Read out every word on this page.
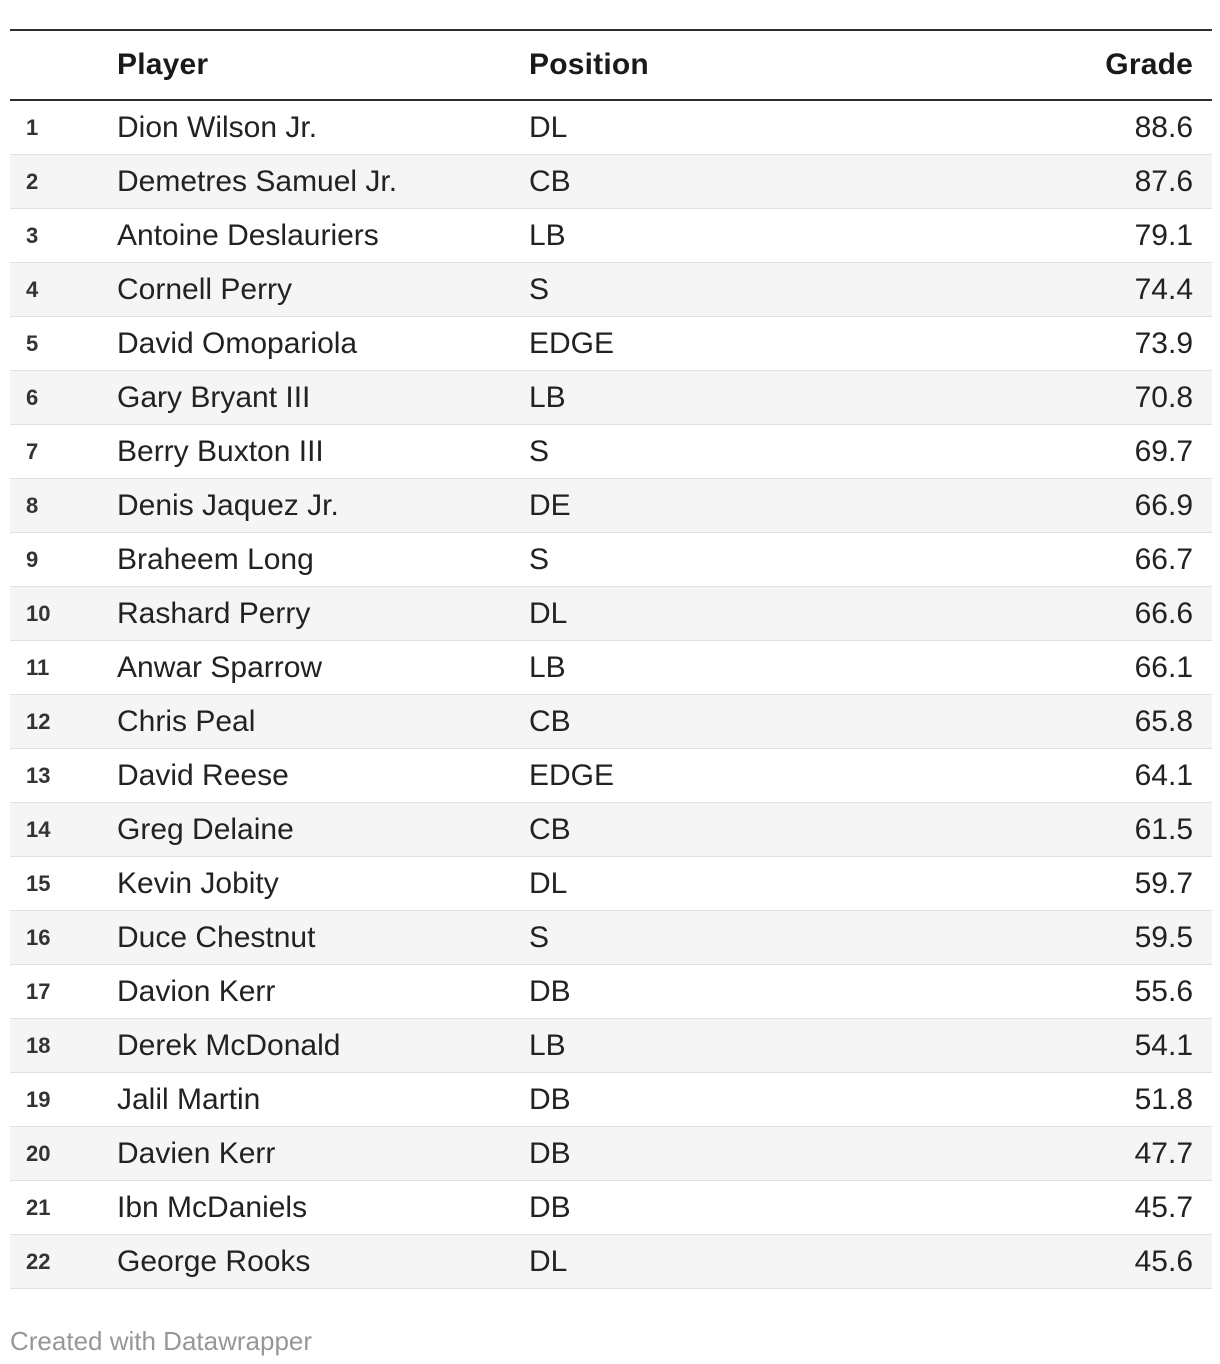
	Player	Position	Grade
1	Dion Wilson Jr.	DL	88.6
2	Demetres Samuel Jr.	CB	87.6
3	Antoine Deslauriers	LB	79.1
4	Cornell Perry	S	74.4
5	David Omopariola	EDGE	73.9
6	Gary Bryant III	LB	70.8
7	Berry Buxton III	S	69.7
8	Denis Jaquez Jr.	DE	66.9
9	Braheem Long	S	66.7
10	Rashard Perry	DL	66.6
11	Anwar Sparrow	LB	66.1
12	Chris Peal	CB	65.8
13	David Reese	EDGE	64.1
14	Greg Delaine	CB	61.5
15	Kevin Jobity	DL	59.7
16	Duce Chestnut	S	59.5
17	Davion Kerr	DB	55.6
18	Derek McDonald	LB	54.1
19	Jalil Martin	DB	51.8
20	Davien Kerr	DB	47.7
21	Ibn McDaniels	DB	45.7
22	George Rooks	DL	45.6
Created with Datawrapper
